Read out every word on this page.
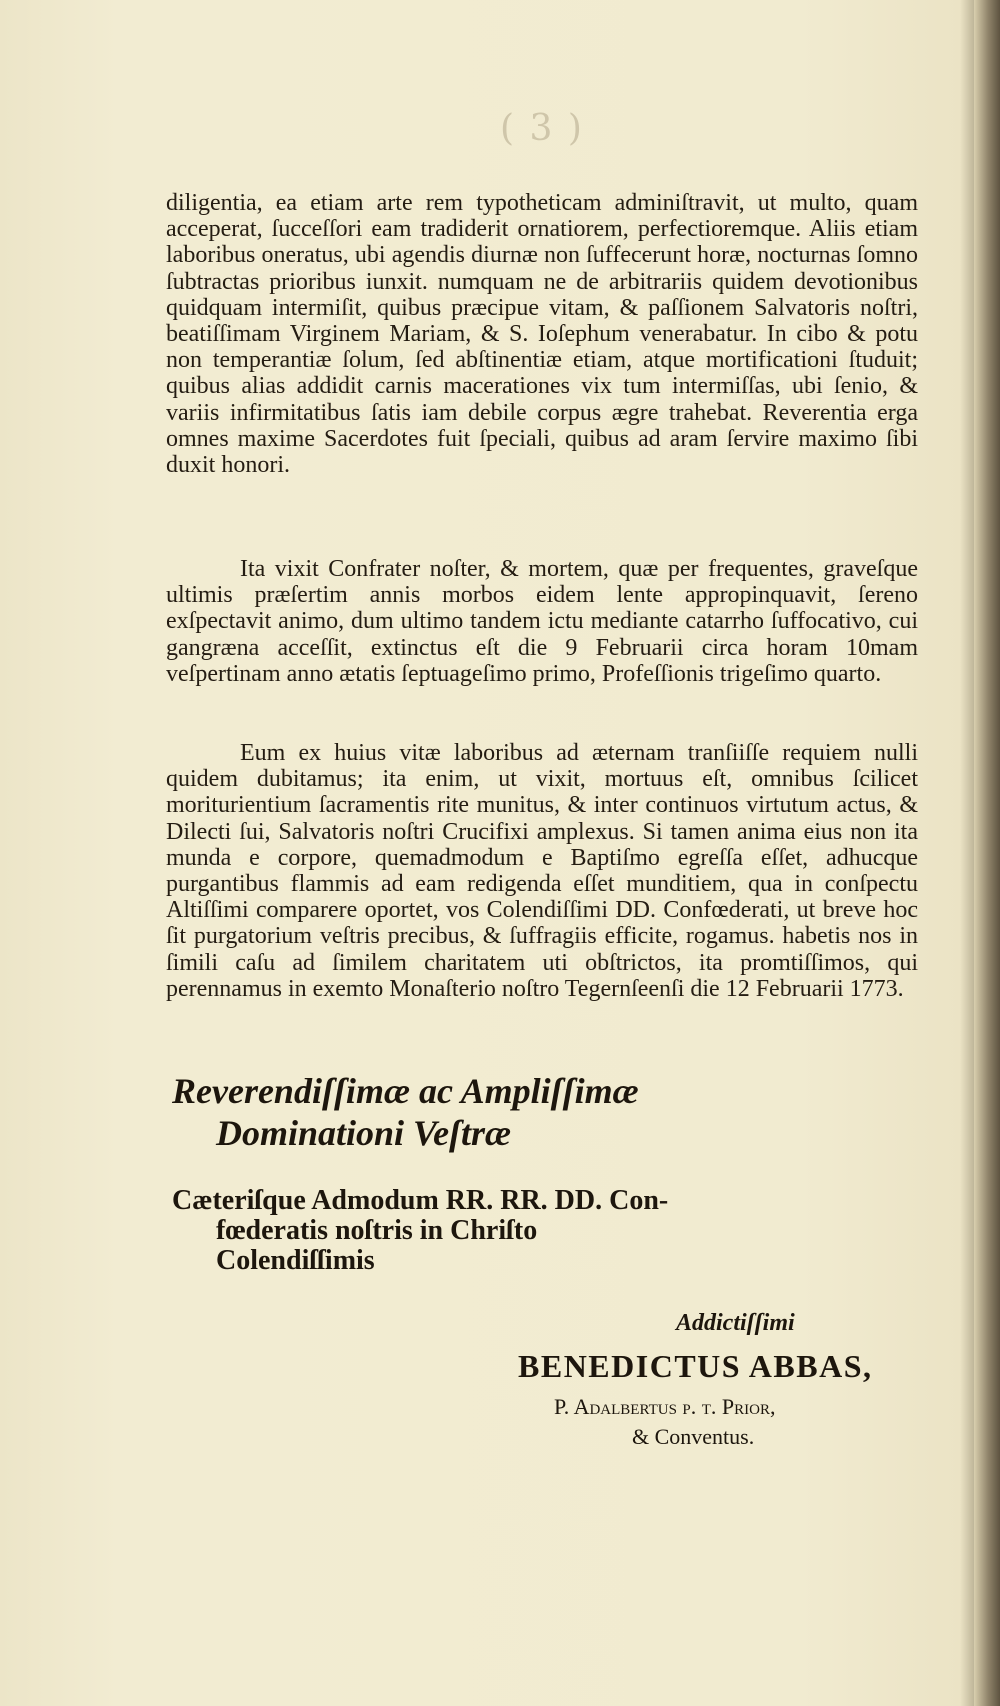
( 3 )

diligentia, ea etiam arte rem typotheticam adminiſtravit, ut multo, quam acceperat, ſucceſſori eam tradiderit ornatiorem, perfectioremque. Aliis etiam laboribus oneratus, ubi agendis diurnæ non ſuffecerunt horæ, nocturnas ſomno ſubtractas prioribus iunxit. numquam ne de arbitrariis quidem devotionibus quidquam intermiſit, quibus præcipue vitam, & paſſionem Salvatoris noſtri, beatiſſimam Virginem Mariam, & S. Ioſephum venerabatur. In cibo & potu non temperantiæ ſolum, ſed abſtinentiæ etiam, atque mortificationi ſtuduit; quibus alias addidit carnis macerationes vix tum intermiſſas, ubi ſenio, & variis infirmitatibus ſatis iam debile corpus ægre trahebat. Reverentia erga omnes maxime Sacerdotes fuit ſpeciali, quibus ad aram ſervire maximo ſibi duxit honori.

Ita vixit Confrater noſter, & mortem, quæ per frequentes, graveſque ultimis præſertim annis morbos eidem lente appropinquavit, ſereno exſpectavit animo, dum ultimo tandem ictu mediante catarrho ſuffocativo, cui gangræna acceſſit, extinctus eſt die 9 Februarii circa horam 10mam veſpertinam anno ætatis ſeptuageſimo primo, Profeſſionis trigeſimo quarto.

Eum ex huius vitæ laboribus ad æternam tranſiiſſe requiem nulli quidem dubitamus; ita enim, ut vixit, mortuus eſt, omnibus ſcilicet moriturientium ſacramentis rite munitus, & inter continuos virtutum actus, & Dilecti ſui, Salvatoris noſtri Crucifixi amplexus. Si tamen anima eius non ita munda e corpore, quemadmodum e Baptiſmo egreſſa eſſet, adhucque purgantibus flammis ad eam redigenda eſſet munditiem, qua in conſpectu Altiſſimi comparere oportet, vos Colendiſſimi DD. Confœderati, ut breve hoc ſit purgatorium veſtris precibus, & ſuffragiis efficite, rogamus. habetis nos in ſimili caſu ad ſimilem charitatem uti obſtrictos, ita promtiſſimos, qui perennamus in exemto Monaſterio noſtro Tegernſeenſi die 12 Februarii 1773.

Reverendiſſimæ ac Ampliſſimæ
Dominationi Veſtræ
Cæteriſque Admodum RR. RR. DD. Con-
fœderatis noſtris in Chriſto
Colendiſſimis
Addictiſſimi
BENEDICTUS ABBAS,
P. Adalbertus p. t. Prior,
& Conventus.
